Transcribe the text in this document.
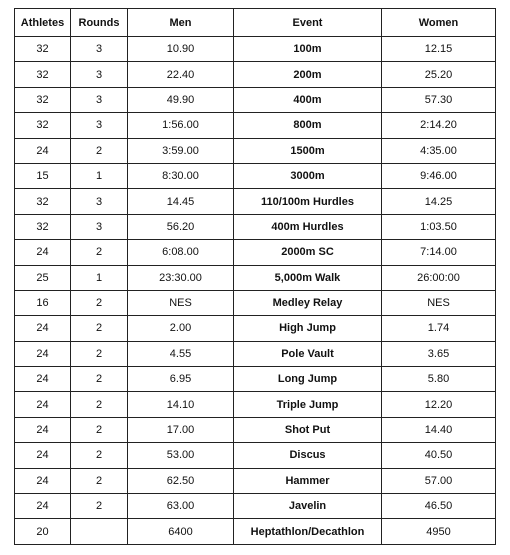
Athletes	Rounds	Men	Event	Women
32	3	10.90	100m	12.15
32	3	22.40	200m	25.20
32	3	49.90	400m	57.30
32	3	1:56.00	800m	2:14.20
24	2	3:59.00	1500m	4:35.00
15	1	8:30.00	3000m	9:46.00
32	3	14.45	110/100m Hurdles	14.25
32	3	56.20	400m Hurdles	1:03.50
24	2	6:08.00	2000m SC	7:14.00
25	1	23:30.00	5,000m Walk	26:00:00
16	2	NES	Medley Relay	NES
24	2	2.00	High Jump	1.74
24	2	4.55	Pole Vault	3.65
24	2	6.95	Long Jump	5.80
24	2	14.10	Triple Jump	12.20
24	2	17.00	Shot Put	14.40
24	2	53.00	Discus	40.50
24	2	62.50	Hammer	57.00
24	2	63.00	Javelin	46.50
20		6400	Heptathlon/Decathlon	4950
